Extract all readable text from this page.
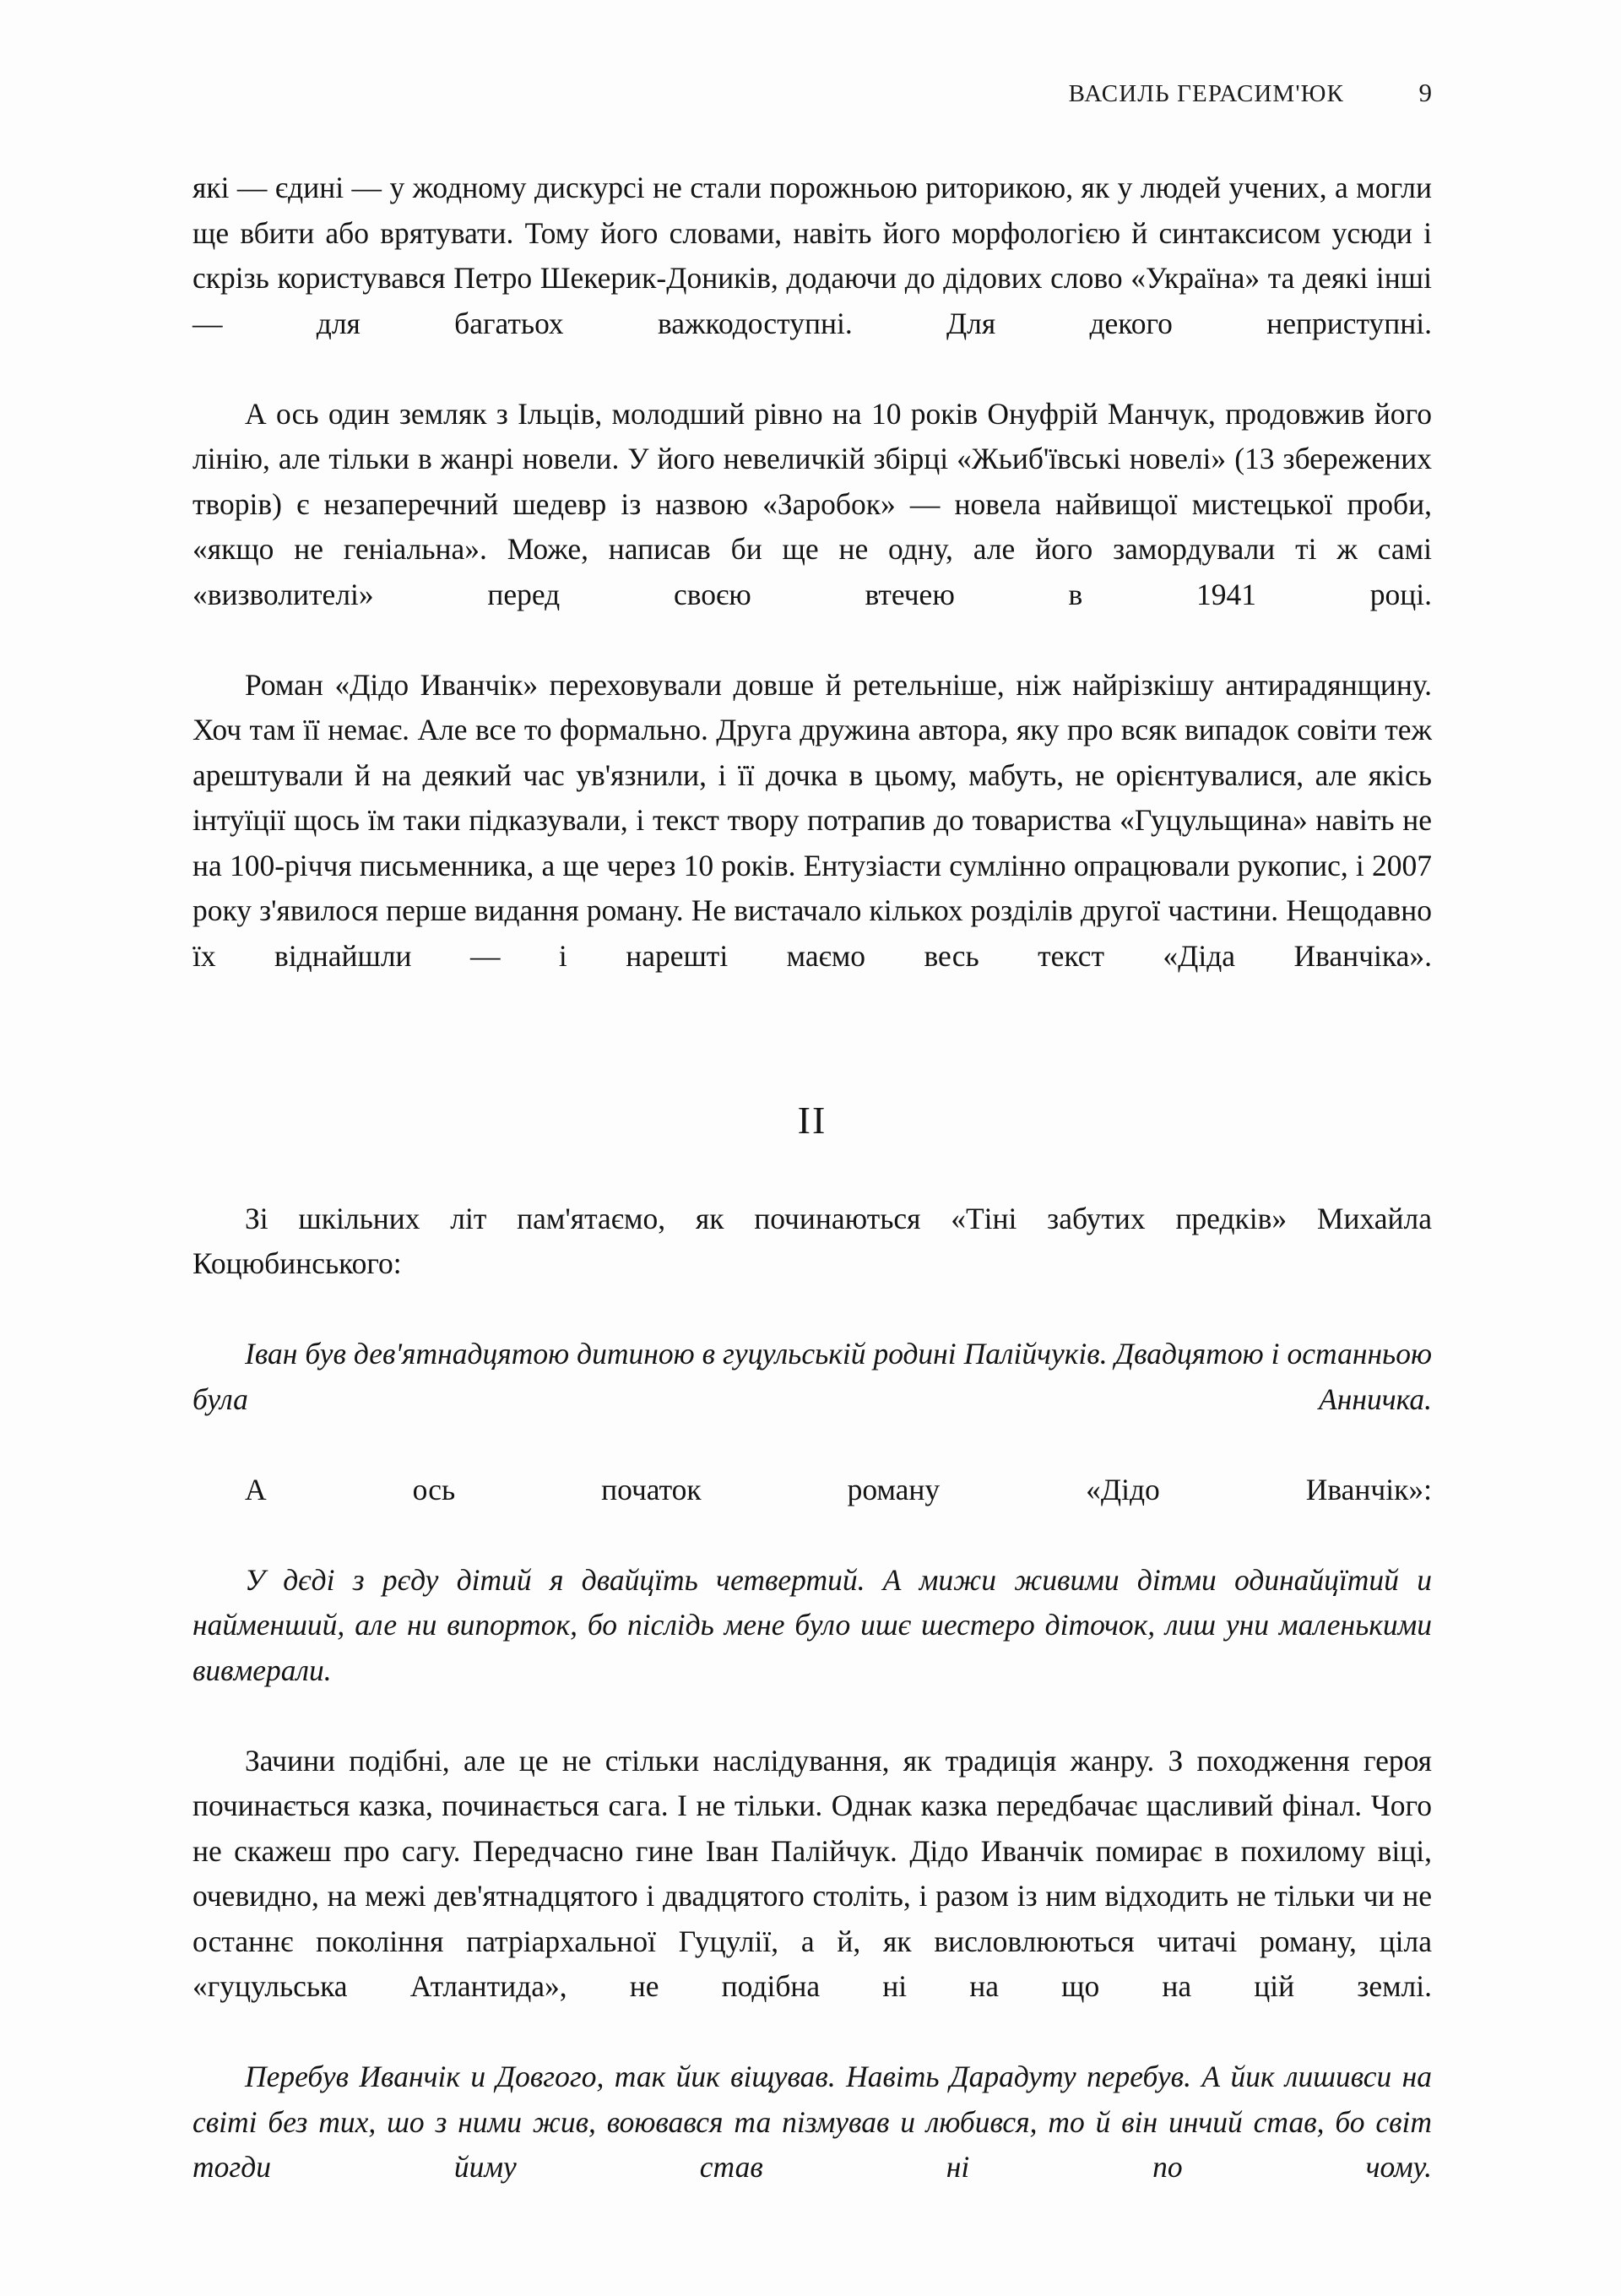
ВАСИЛЬ ГЕРАСИМ'ЮК	9

які — єдині — у жодному дискурсі не стали порожньою риторикою, як у людей учених, а могли ще вбити або врятувати. Тому його словами, навіть його морфологією й синтаксисом усюди і скрізь користувався Петро Шекерик-Доників, додаючи до дідових слово «Україна» та деякі інші — для багатьох важкодоступні. Для декого неприступні.

А ось один земляк з Ільців, молодший рівно на 10 років Онуфрій Манчук, продовжив його лінію, але тільки в жанрі новели. У його невеличкій збірці «Жьиб'ївські новелі» (13 збережених творів) є незаперечний шедевр із назвою «Заробок» — новела найвищої мистецької проби, «якщо не геніальна». Може, написав би ще не одну, але його замордували ті ж самі «визволителі» перед своєю втечею в 1941 році.

Роман «Дідо Иванчік» переховували довше й ретельніше, ніж найрізкішу антирадянщину. Хоч там її немає. Але все то формально. Друга дружина автора, яку про всяк випадок совіти теж арештували й на деякий час ув'язнили, і її дочка в цьому, мабуть, не орієнтувалися, але якісь інтуїції щось їм таки підказували, і текст твору потрапив до товариства «Гуцульщина» навіть не на 100-річчя письменника, а ще через 10 років. Ентузіасти сумлінно опрацювали рукопис, і 2007 року з'явилося перше видання роману. Не вистачало кількох розділів другої частини. Нещодавно їх віднайшли — і нарешті маємо весь текст «Діда Иванчіка».

II

Зі шкільних літ пам'ятаємо, як починаються «Тіні забутих предків» Михайла Коцюбинського:

Іван був дев'ятнадцятою дитиною в гуцульській родині Палійчуків. Двадцятою і останньою була Анничка.

А ось початок роману «Дідо Иванчік»:

У дєді з рєду дітий я двайцїть четвертий. А мижи живими дітми одинайцїтий и найменший, але ни випорток, бо післідь мене було ишє шестеро діточок, лиш уни маленькими вивмерали.

Зачини подібні, але це не стільки наслідування, як традиція жанру. З походження героя починається казка, починається сага. І не тільки. Однак казка передбачає щасливий фінал. Чого не скажеш про сагу. Передчасно гине Іван Палійчук. Дідо Иванчік помирає в похилому віці, очевидно, на межі дев'ятнадцятого і двадцятого століть, і разом із ним відходить не тільки чи не останнє покоління патріархальної Гуцулії, а й, як висловлюються читачі роману, ціла «гуцульська Атлантида», не подібна ні на що на цій землі.

Перебув Иванчік и Довгого, так йик віщував. Навіть Дарадуту перебув. А йик лишивси на світі без тих, шо з ними жив, воювався та пізмував и любився, то й він инчий став, бо світ тогди йиму став ні по чому.
